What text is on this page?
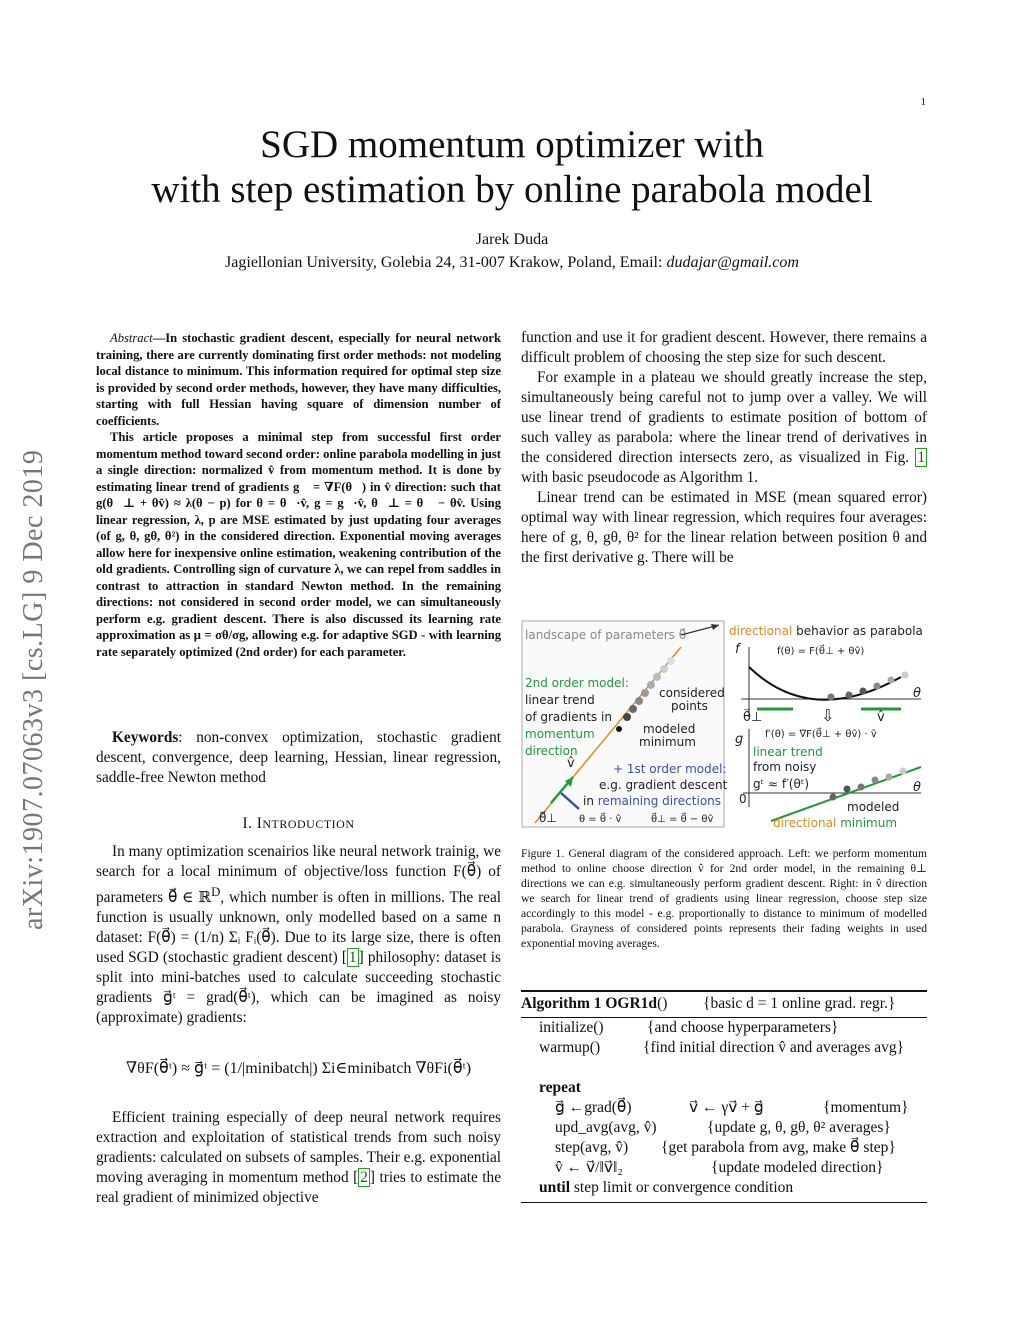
1
SGD momentum optimizer with
with step estimation by online parabola model
Jarek Duda
Jagiellonian University, Golebia 24, 31-007 Krakow, Poland, Email: dudajar@gmail.com
arXiv:1907.07063v3 [cs.LG] 9 Dec 2019

Abstract—In stochastic gradient descent, especially for neural network training, there are currently dominating first order methods: not modeling local distance to minimum. This information required for optimal step size is provided by second order methods, however, they have many difficulties, starting with full Hessian having square of dimension number of coefficients.

This article proposes a minimal step from successful first order momentum method toward second order: online parabola modelling in just a single direction: normalized v̂ from momentum method. It is done by estimating linear trend of gradients g⃗ = ∇F(θ⃗) in v̂ direction: such that g(θ⃗⊥ + θv̂) ≈ λ(θ − p) for θ = θ⃗·v̂, g = g⃗·v̂, θ⃗⊥ = θ⃗ − θv̂. Using linear regression, λ, p are MSE estimated by just updating four averages (of g, θ, gθ, θ²) in the considered direction. Exponential moving averages allow here for inexpensive online estimation, weakening contribution of the old gradients. Controlling sign of curvature λ, we can repel from saddles in contrast to attraction in standard Newton method. In the remaining directions: not considered in second order model, we can simultaneously perform e.g. gradient descent. There is also discussed its learning rate approximation as μ = σθ/σg, allowing e.g. for adaptive SGD - with learning rate separately optimized (2nd order) for each parameter.

Keywords: non-convex optimization, stochastic gradient descent, convergence, deep learning, Hessian, linear regression, saddle-free Newton method

I. INTRODUCTION

In many optimization scenairios like neural network trainig, we search for a local minimum of objective/loss function F(θ⃗) of parameters θ⃗ ∈ ℝ$^D$, which number is often in millions. The real function is usually unknown, only modelled based on a same n dataset: F(θ⃗) = (1/n) Σᵢ Fᵢ(θ⃗). Due to its large size, there is often used SGD (stochastic gradient descent) [ 1 ] philosophy: dataset is split into mini-batches used to calculate succeeding stochastic gradients g⃗ᵗ = grad(θ⃗ᵗ), which can be imagined as noisy (approximate) gradients:

∇θF(θ⃗ᵗ) ≈ g⃗ᵗ = (1/|minibatch|) Σi∈minibatch ∇θFi(θ⃗ᵗ)

Efficient training especially of deep neural network requires extraction and exploitation of statistical trends from such noisy gradients: calculated on subsets of samples. Their e.g. exponential moving averaging in momentum method [ 2 ] tries to estimate the real gradient of minimized objective

function and use it for gradient descent. However, there remains a difficult problem of choosing the step size for such descent.

For example in a plateau we should greatly increase the step, simultaneously being careful not to jump over a valley. We will use linear trend of gradients to estimate position of bottom of such valley as parabola: where the linear trend of derivatives in the considered direction intersects zero, as visualized in Fig. 1 with basic pseudocode as Algorithm 1.

Linear trend can be estimated in MSE (mean squared error) optimal way with linear regression, which requires four averages: here of g, θ, gθ, θ² for the linear relation between position θ and the first derivative g. There will be

landscape of parameters θ⃗
2nd order model:
linear trend
of gradients in
momentum
direction
considered
points
modeled
minimum
v̂	+ 1st order model:
e.g. gradient descent
in remaining directions
θ⃗⊥ θ = θ⃗ · v̂	θ⃗⊥ = θ⃗ − θv̂
directional behavior as parabola
f	f(θ) = F(θ⃗⊥ + θv̂)
θ
θ⃗⊥	v̂
⇩
g f′(θ) = ∇F(θ⃗⊥ + θv̂) · v̂
linear trend
from noisy
gᵗ ≈ f′(θᵗ)	θ
0
modeled
directional minimum
Figure 1. General diagram of the considered approach. Left: we perform momentum method to online choose direction v̂ for 2nd order model, in the remaining θ⊥ directions we can e.g. simultaneously perform gradient descent. Right: in v̂ direction we search for linear trend of gradients using linear regression, choose step size accordingly to this model - e.g. proportionally to distance to minimum of modelled parabola. Grayness of considered points represents their fading weights in used exponential moving averages.
Algorithm 1 OGR1d() {basic d = 1 online grad. regr.}
initialize()	{and choose hyperparameters}
warmup()	{find initial direction v̂ and averages avg}
repeat
g⃗ ←grad(θ⃗)	v⃗ ← γv⃗ + g⃗	{momentum}
upd_avg(avg, v̂)	{update g, θ, gθ, θ² averages}
step(avg, v̂) {get parabola from avg, make θ⃗ step}
v̂ ← v⃗/‖v⃗‖₂	{update modeled direction}
until step limit or convergence condition
